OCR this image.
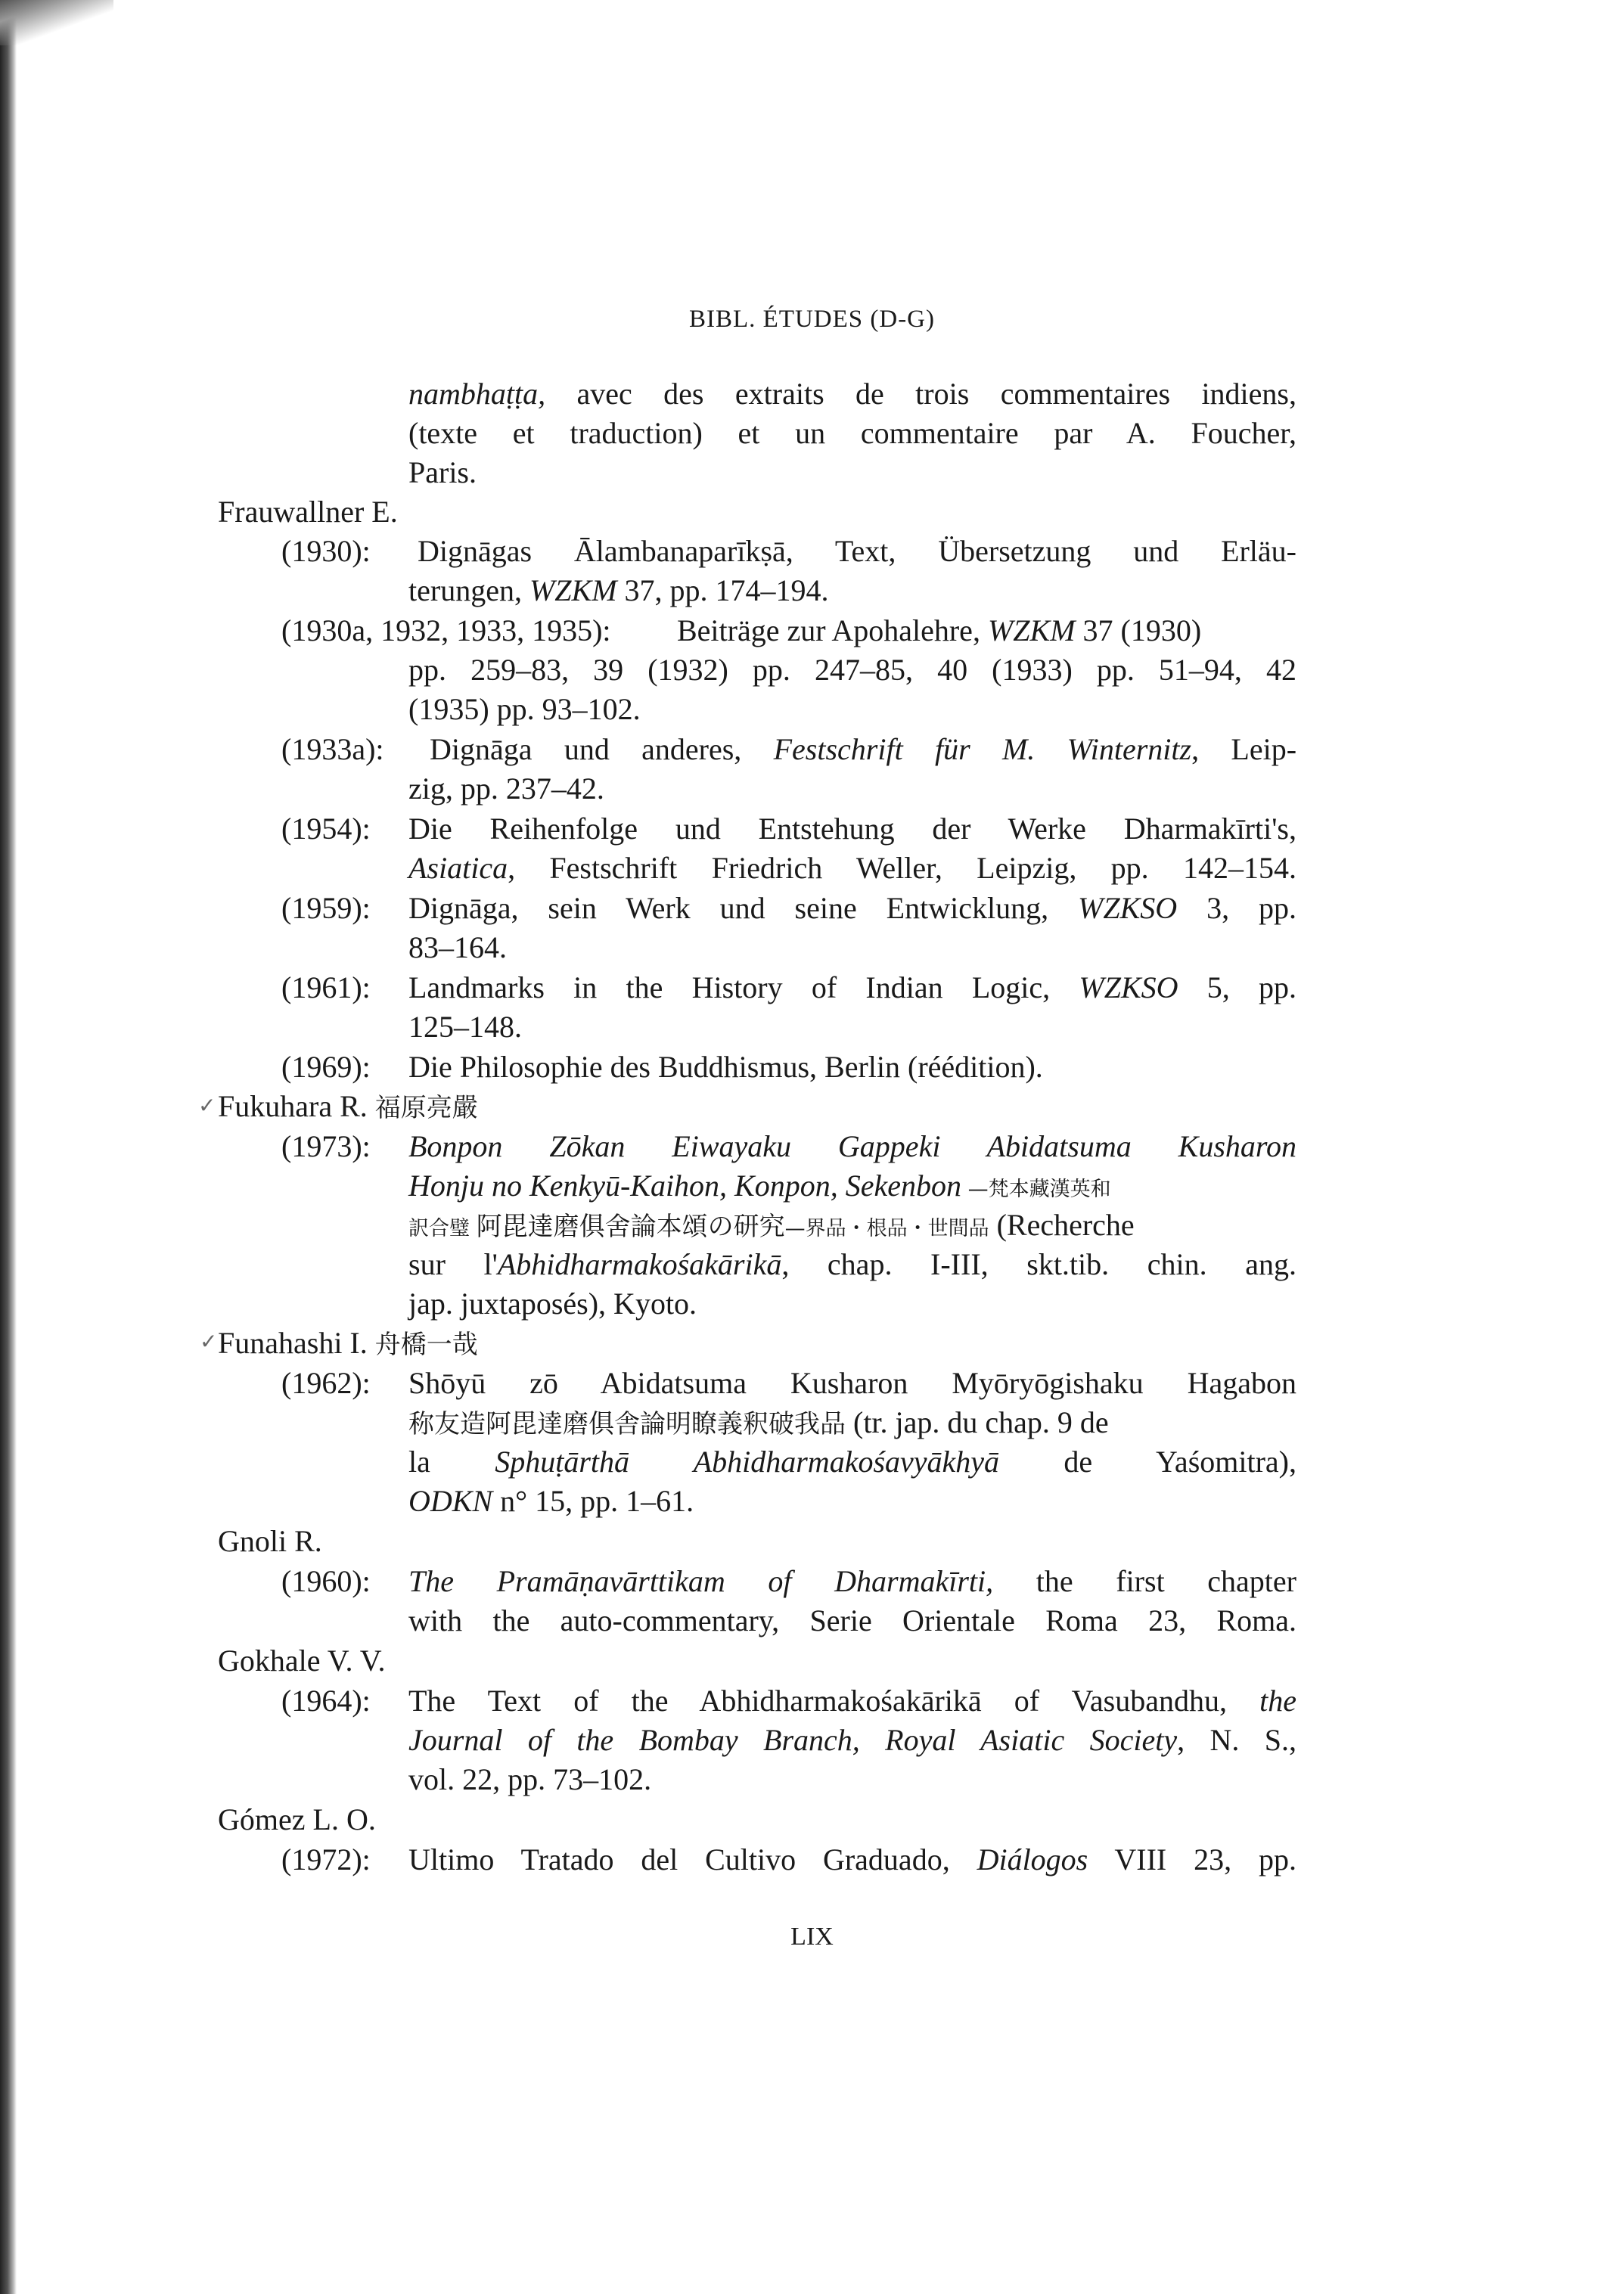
BIBL. ÉTUDES (D-G)
nambhaṭṭa, avec des extraits de trois commentaires indiens,
(texte et traduction) et un commentaire par A. Foucher,
Paris.
Frauwallner E.
(1930): Dignāgas Ālambanaparīkṣā, Text, Übersetzung und Erläu-
terungen, WZKM 37, pp. 174–194.
(1930a, 1932, 1933, 1935): Beiträge zur Apohalehre, WZKM 37 (1930)
pp. 259–83, 39 (1932) pp. 247–85, 40 (1933) pp. 51–94, 42
(1935) pp. 93–102.
(1933a): Dignāga und anderes, Festschrift für M. Winternitz, Leip-
zig, pp. 237–42.
(1954): Die Reihenfolge und Entstehung der Werke Dharmakīrti's,
Asiatica, Festschrift Friedrich Weller, Leipzig, pp. 142–154.
(1959): Dignāga, sein Werk und seine Entwicklung, WZKSO 3, pp.
83–164.
(1961): Landmarks in the History of Indian Logic, WZKSO 5, pp.
125–148.
(1969): Die Philosophie des Buddhismus, Berlin (réédition).
✓ Fukuhara R. 福原亮嚴
(1973): Bonpon Zōkan Eiwayaku Gappeki Abidatsuma Kusharon
Honju no Kenkyū-Kaihon, Konpon, Sekenbon —梵本藏漢英和
訳合璧 阿毘達磨俱舍論本頌の研究—界品・根品・世間品 (Recherche
sur l'Abhidharmakośakārikā, chap. I-III, skt.tib. chin. ang.
jap. juxtaposés), Kyoto.
✓ Funahashi I. 舟橋一哉
(1962): Shōyū zō Abidatsuma Kusharon Myōryōgishaku Hagabon
称友造阿毘達磨俱舎論明瞭義釈破我品 (tr. jap. du chap. 9 de
la Sphuṭārthā Abhidharmakośavyākhyā de Yaśomitra),
ODKN n° 15, pp. 1–61.
Gnoli R.
(1960): The Pramāṇavārttikam of Dharmakīrti, the first chapter
with the auto-commentary, Serie Orientale Roma 23, Roma.
Gokhale V. V.
(1964): The Text of the Abhidharmakośakārikā of Vasubandhu, the
Journal of the Bombay Branch, Royal Asiatic Society, N. S.,
vol. 22, pp. 73–102.
Gómez L. O.
(1972): Ultimo Tratado del Cultivo Graduado, Diálogos VIII 23, pp.
LIX
